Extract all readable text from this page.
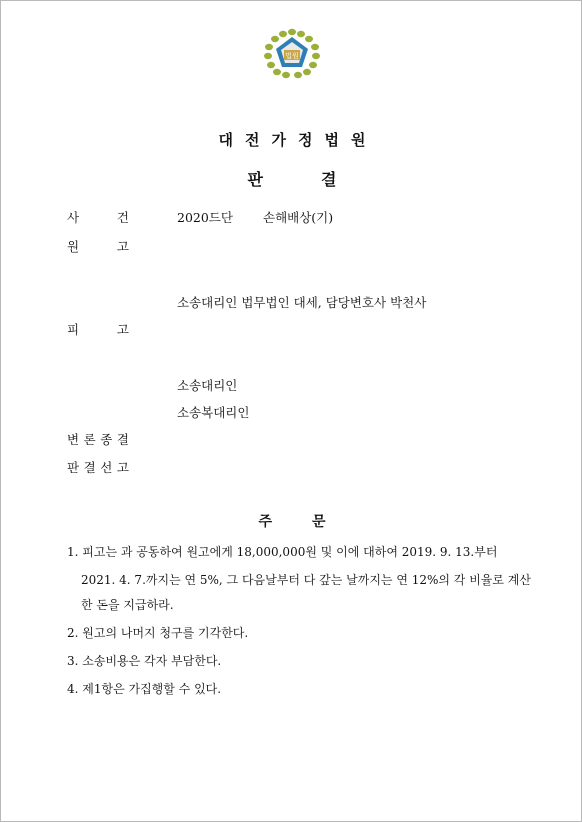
법원
대전가정법원
판결
사	건	2020드단 손해배상(기)
원	고
소송대리인 법무법인 대세, 담당변호사 박천사
피	고
소송대리인
소송복대리인
변 론 종 결
판 결 선 고
주문
1. 피고는 과 공동하여 원고에게 18,000,000원 및 이에 대하여 2019. 9. 13.부터
2021. 4. 7.까지는 연 5%, 그 다음날부터 다 갚는 날까지는 연 12%의 각 비율로 계산
한 돈을 지급하라.
2. 원고의 나머지 청구를 기각한다.
3. 소송비용은 각자 부담한다.
4. 제1항은 가집행할 수 있다.
